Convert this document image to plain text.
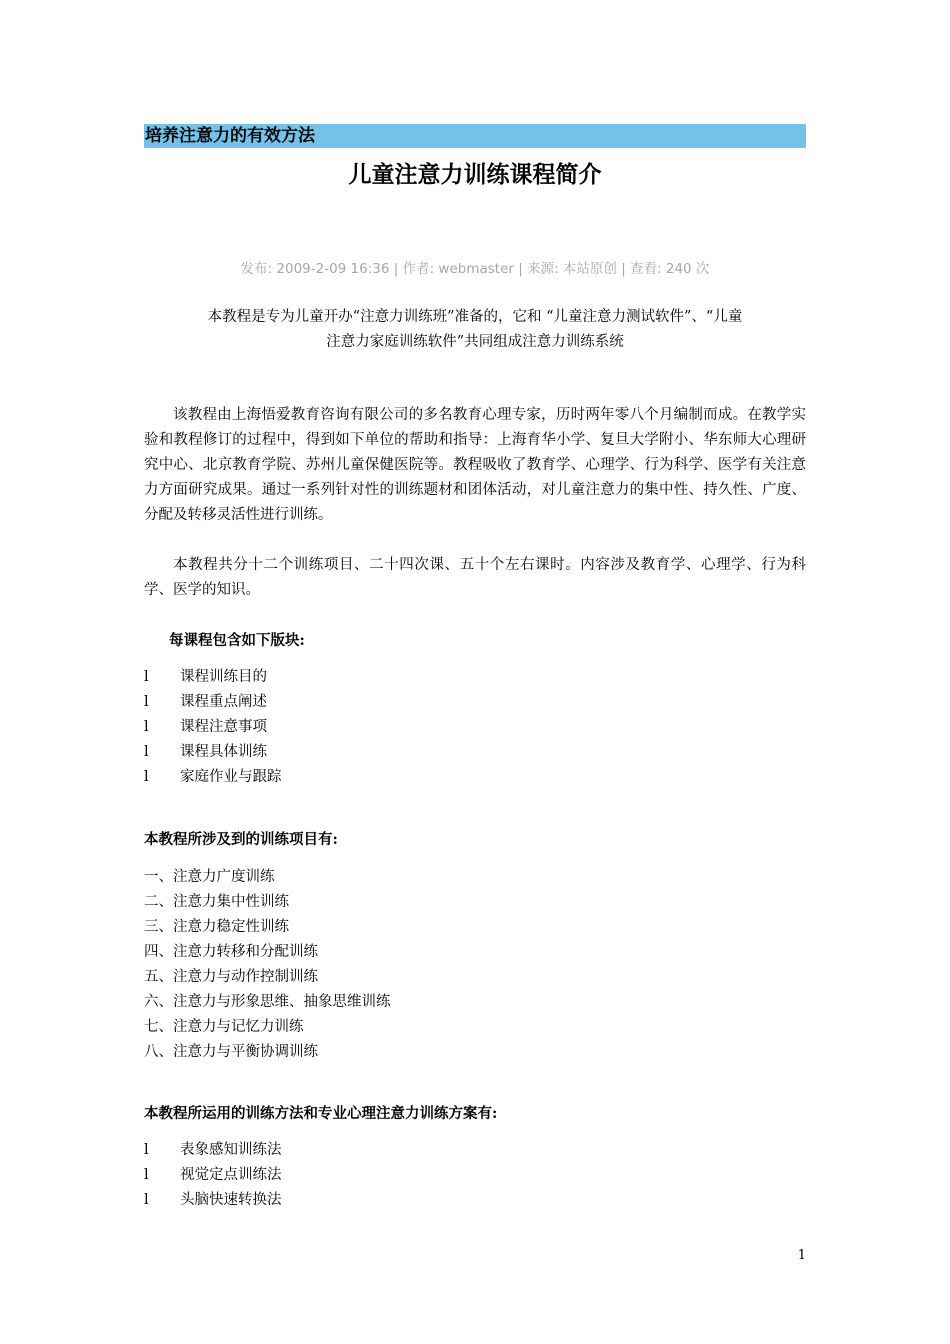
培养注意力的有效方法
儿童注意力训练课程简介
发布: 2009-2-09 16:36 | 作者: webmaster | 来源: 本站原创 | 查看: 240 次
本教程是专为儿童开办“注意力训练班”准备的，它和 “儿童注意力测试软件”、“儿童
注意力家庭训练软件”共同组成注意力训练系统
该教程由上海悟爱教育咨询有限公司的多名教育心理专家，历时两年零八个月编制而成。在教学实验和教程修订的过程中，得到如下单位的帮助和指导：上海育华小学、复旦大学附小、华东师大心理研究中心、北京教育学院、苏州儿童保健医院等。教程吸收了教育学、心理学、行为科学、医学有关注意力方面研究成果。通过一系列针对性的训练题材和团体活动，对儿童注意力的集中性、持久性、广度、分配及转移灵活性进行训练。
本教程共分十二个训练项目、二十四次课、五十个左右课时。内容涉及教育学、心理学、行为科学、医学的知识。
每课程包含如下版块:
l 课程训练目的
l 课程重点阐述
l 课程注意事项
l 课程具体训练
l 家庭作业与跟踪
本教程所涉及到的训练项目有:
一、注意力广度训练
二、注意力集中性训练
三、注意力稳定性训练
四、注意力转移和分配训练
五、注意力与动作控制训练
六、注意力与形象思维、抽象思维训练
七、注意力与记忆力训练
八、注意力与平衡协调训练
本教程所运用的训练方法和专业心理注意力训练方案有:
l 表象感知训练法
l 视觉定点训练法
l 头脑快速转换法
1
